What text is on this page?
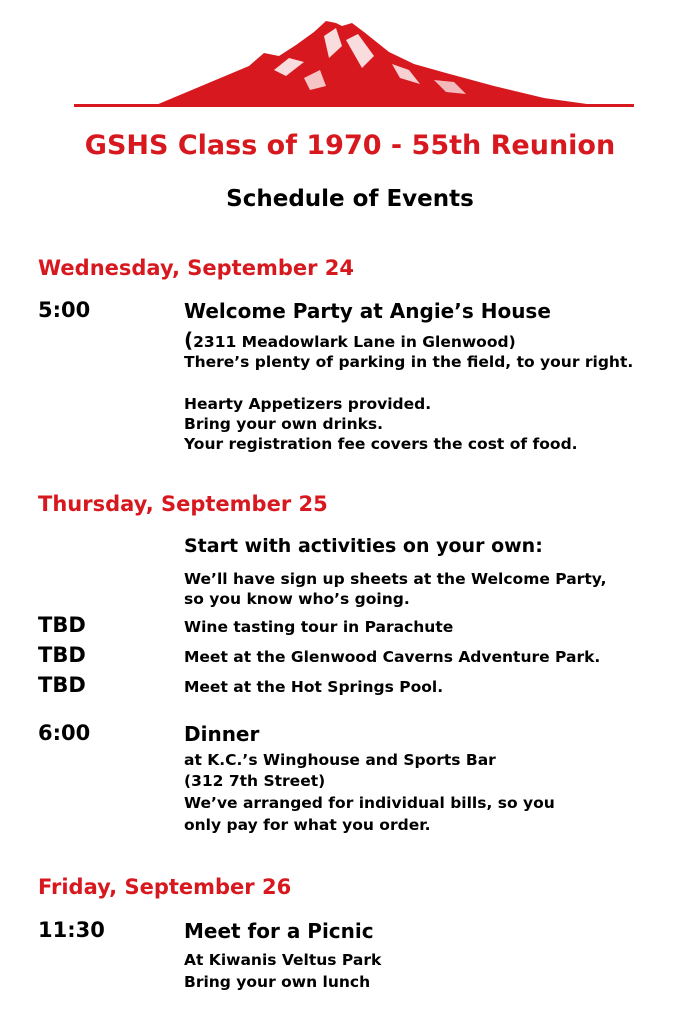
GSHS Class of 1970 - 55th Reunion
Schedule of Events
Wednesday, September 24
5:00	Welcome Party at Angie’s House
(2311 Meadowlark Lane in Glenwood)
There’s plenty of parking in the field, to your right.
Hearty Appetizers provided.
Bring your own drinks.
Your registration fee covers the cost of food.
Thursday, September 25
Start with activities on your own:
We’ll have sign up sheets at the Welcome Party,
so you know who’s going.
TBD	Wine tasting tour in Parachute
TBD	Meet at the Glenwood Caverns Adventure Park.
TBD	Meet at the Hot Springs Pool.
6:00	Dinner
at K.C.’s Winghouse and Sports Bar
(312 7th Street)
We’ve arranged for individual bills, so you
only pay for what you order.
Friday, September 26
11:30	Meet for a Picnic
At Kiwanis Veltus Park
Bring your own lunch
